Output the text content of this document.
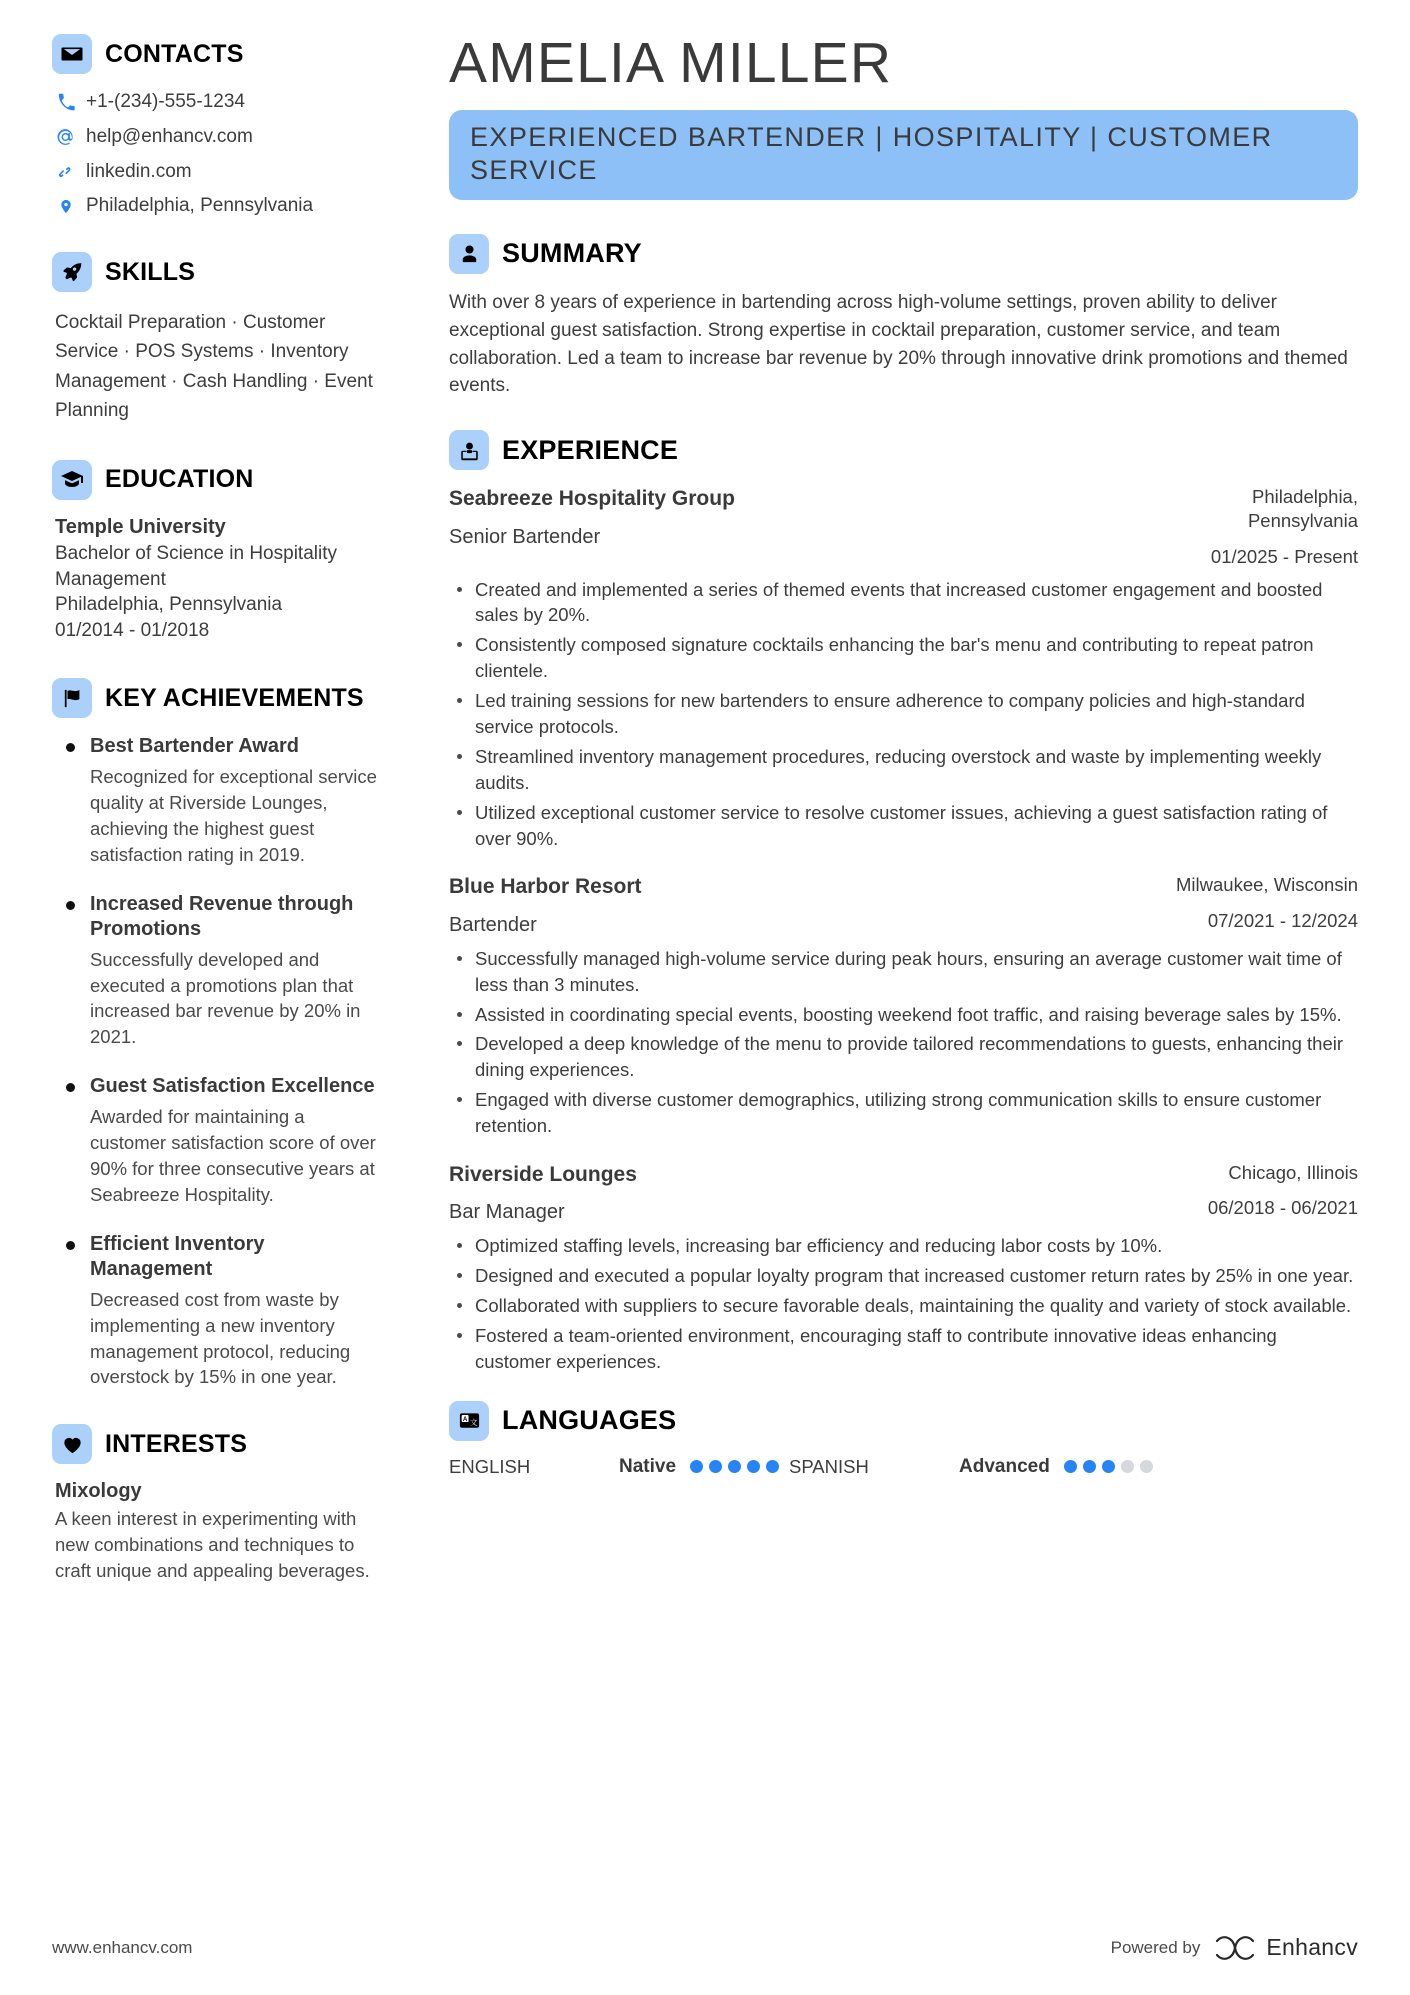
CONTACTS
+1-(234)-555-1234
help@enhancv.com
linkedin.com
Philadelphia, Pennsylvania
SKILLS
Cocktail Preparation · Customer Service · POS Systems · Inventory Management · Cash Handling · Event Planning
EDUCATION
Temple University
Bachelor of Science in Hospitality Management
Philadelphia, Pennsylvania
01/2014 - 01/2018
KEY ACHIEVEMENTS
Best Bartender Award
Recognized for exceptional service quality at Riverside Lounges, achieving the highest guest satisfaction rating in 2019.
Increased Revenue through Promotions
Successfully developed and executed a promotions plan that increased bar revenue by 20% in 2021.
Guest Satisfaction Excellence
Awarded for maintaining a customer satisfaction score of over 90% for three consecutive years at Seabreeze Hospitality.
Efficient Inventory Management
Decreased cost from waste by implementing a new inventory management protocol, reducing overstock by 15% in one year.
INTERESTS
Mixology
A keen interest in experimenting with new combinations and techniques to craft unique and appealing beverages.
AMELIA MILLER
EXPERIENCED BARTENDER | HOSPITALITY | CUSTOMER SERVICE
SUMMARY
With over 8 years of experience in bartending across high-volume settings, proven ability to deliver exceptional guest satisfaction. Strong expertise in cocktail preparation, customer service, and team collaboration. Led a team to increase bar revenue by 20% through innovative drink promotions and themed events.
EXPERIENCE
Seabreeze Hospitality Group
Senior Bartender
Philadelphia, Pennsylvania
01/2025 - Present
Created and implemented a series of themed events that increased customer engagement and boosted sales by 20%.
Consistently composed signature cocktails enhancing the bar's menu and contributing to repeat patron clientele.
Led training sessions for new bartenders to ensure adherence to company policies and high-standard service protocols.
Streamlined inventory management procedures, reducing overstock and waste by implementing weekly audits.
Utilized exceptional customer service to resolve customer issues, achieving a guest satisfaction rating of over 90%.
Blue Harbor Resort
Bartender
Milwaukee, Wisconsin
07/2021 - 12/2024
Successfully managed high-volume service during peak hours, ensuring an average customer wait time of less than 3 minutes.
Assisted in coordinating special events, boosting weekend foot traffic, and raising beverage sales by 15%.
Developed a deep knowledge of the menu to provide tailored recommendations to guests, enhancing their dining experiences.
Engaged with diverse customer demographics, utilizing strong communication skills to ensure customer retention.
Riverside Lounges
Bar Manager
Chicago, Illinois
06/2018 - 06/2021
Optimized staffing levels, increasing bar efficiency and reducing labor costs by 10%.
Designed and executed a popular loyalty program that increased customer return rates by 25% in one year.
Collaborated with suppliers to secure favorable deals, maintaining the quality and variety of stock available.
Fostered a team-oriented environment, encouraging staff to contribute innovative ideas enhancing customer experiences.
A 文 LANGUAGES
ENGLISH	Native	SPANISH	Advanced
www.enhancv.com	Powered by	Enhancv
